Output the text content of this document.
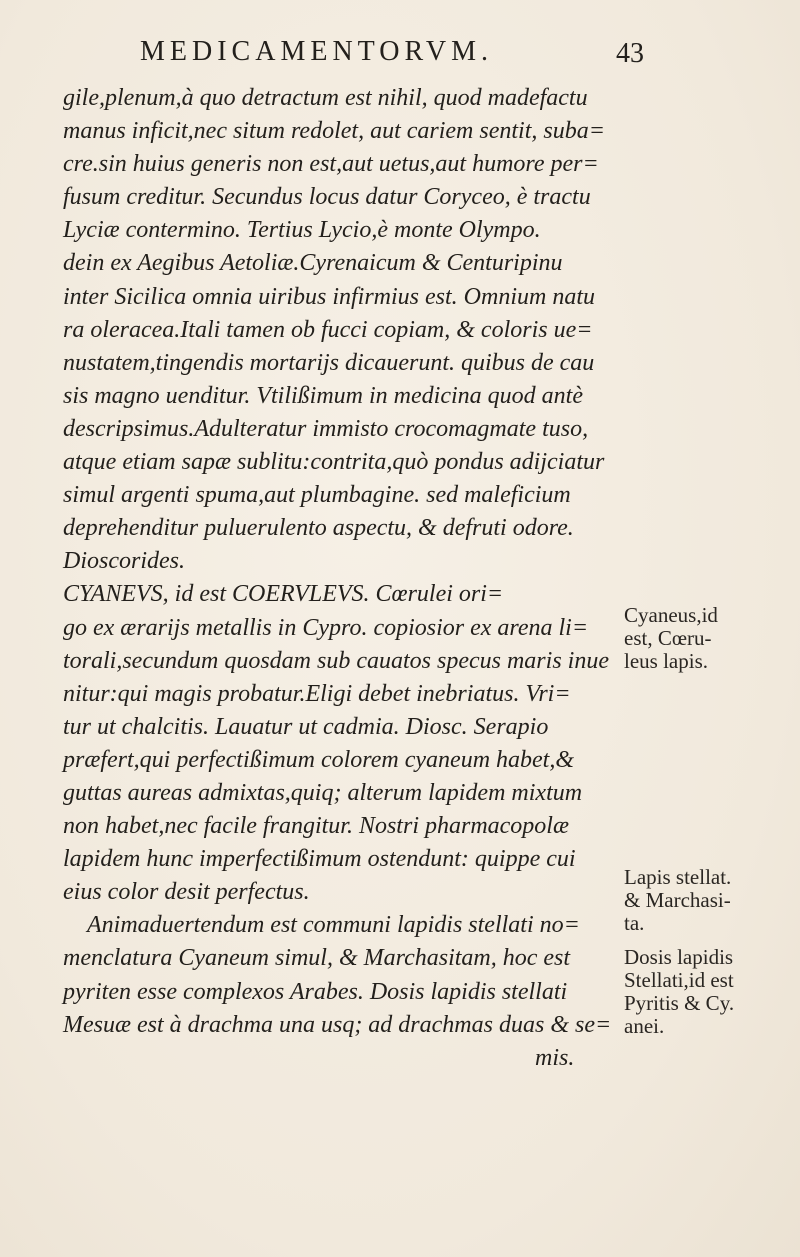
MEDICAMENTORVM.	43
gile,plenum,à quo detractum est nihil, quod madefactu
manus inficit,nec situm redolet, aut cariem sentit, suba=
cre.sin huius generis non est,aut uetus,aut humore per=
fusum creditur. Secundus locus datur Coryceo, è tractu
Lyciæ contermino. Tertius Lycio,è monte Olympo.
dein ex Aegibus Aetoliæ.Cyrenaicum & Centuripinu
inter Sicilica omnia uiribus infirmius est. Omnium natu
ra oleracea.Itali tamen ob fucci copiam, & coloris ue=
nustatem,tingendis mortarijs dicauerunt. quibus de cau
sis magno uenditur. Vtilißimum in medicina quod antè
descripsimus.Adulteratur immisto crocomagmate tuso,
atque etiam sapæ sublitu:contrita,quò pondus adijciatur
simul argenti spuma,aut plumbagine. sed maleficium
deprehenditur puluerulento aspectu, & defruti odore.
Dioscorides.
CYANEVS, id est COERVLEVS. Cœrulei ori=
go ex ærarijs metallis in Cypro. copiosior ex arena li=
torali,secundum quosdam sub cauatos specus maris inue
nitur:qui magis probatur.Eligi debet inebriatus. Vri=
tur ut chalcitis. Lauatur ut cadmia. Diosc. Serapio
præfert,qui perfectißimum colorem cyaneum habet,&
guttas aureas admixtas,quiq; alterum lapidem mixtum
non habet,nec facile frangitur. Nostri pharmacopolæ
lapidem hunc imperfectißimum ostendunt: quippe cui
eius color desit perfectus.
Animaduertendum est communi lapidis stellati no=
menclatura Cyaneum simul, & Marchasitam, hoc est
pyriten esse complexos Arabes. Dosis lapidis stellati
Mesuæ est à drachma una usq; ad drachmas duas & se=
mis.
Cyaneus,id
est, Cœru-
leus lapis.
Lapis stellat.
& Marchasi-
ta.
Dosis lapidis
Stellati,id est
Pyritis & Cy.
anei.
